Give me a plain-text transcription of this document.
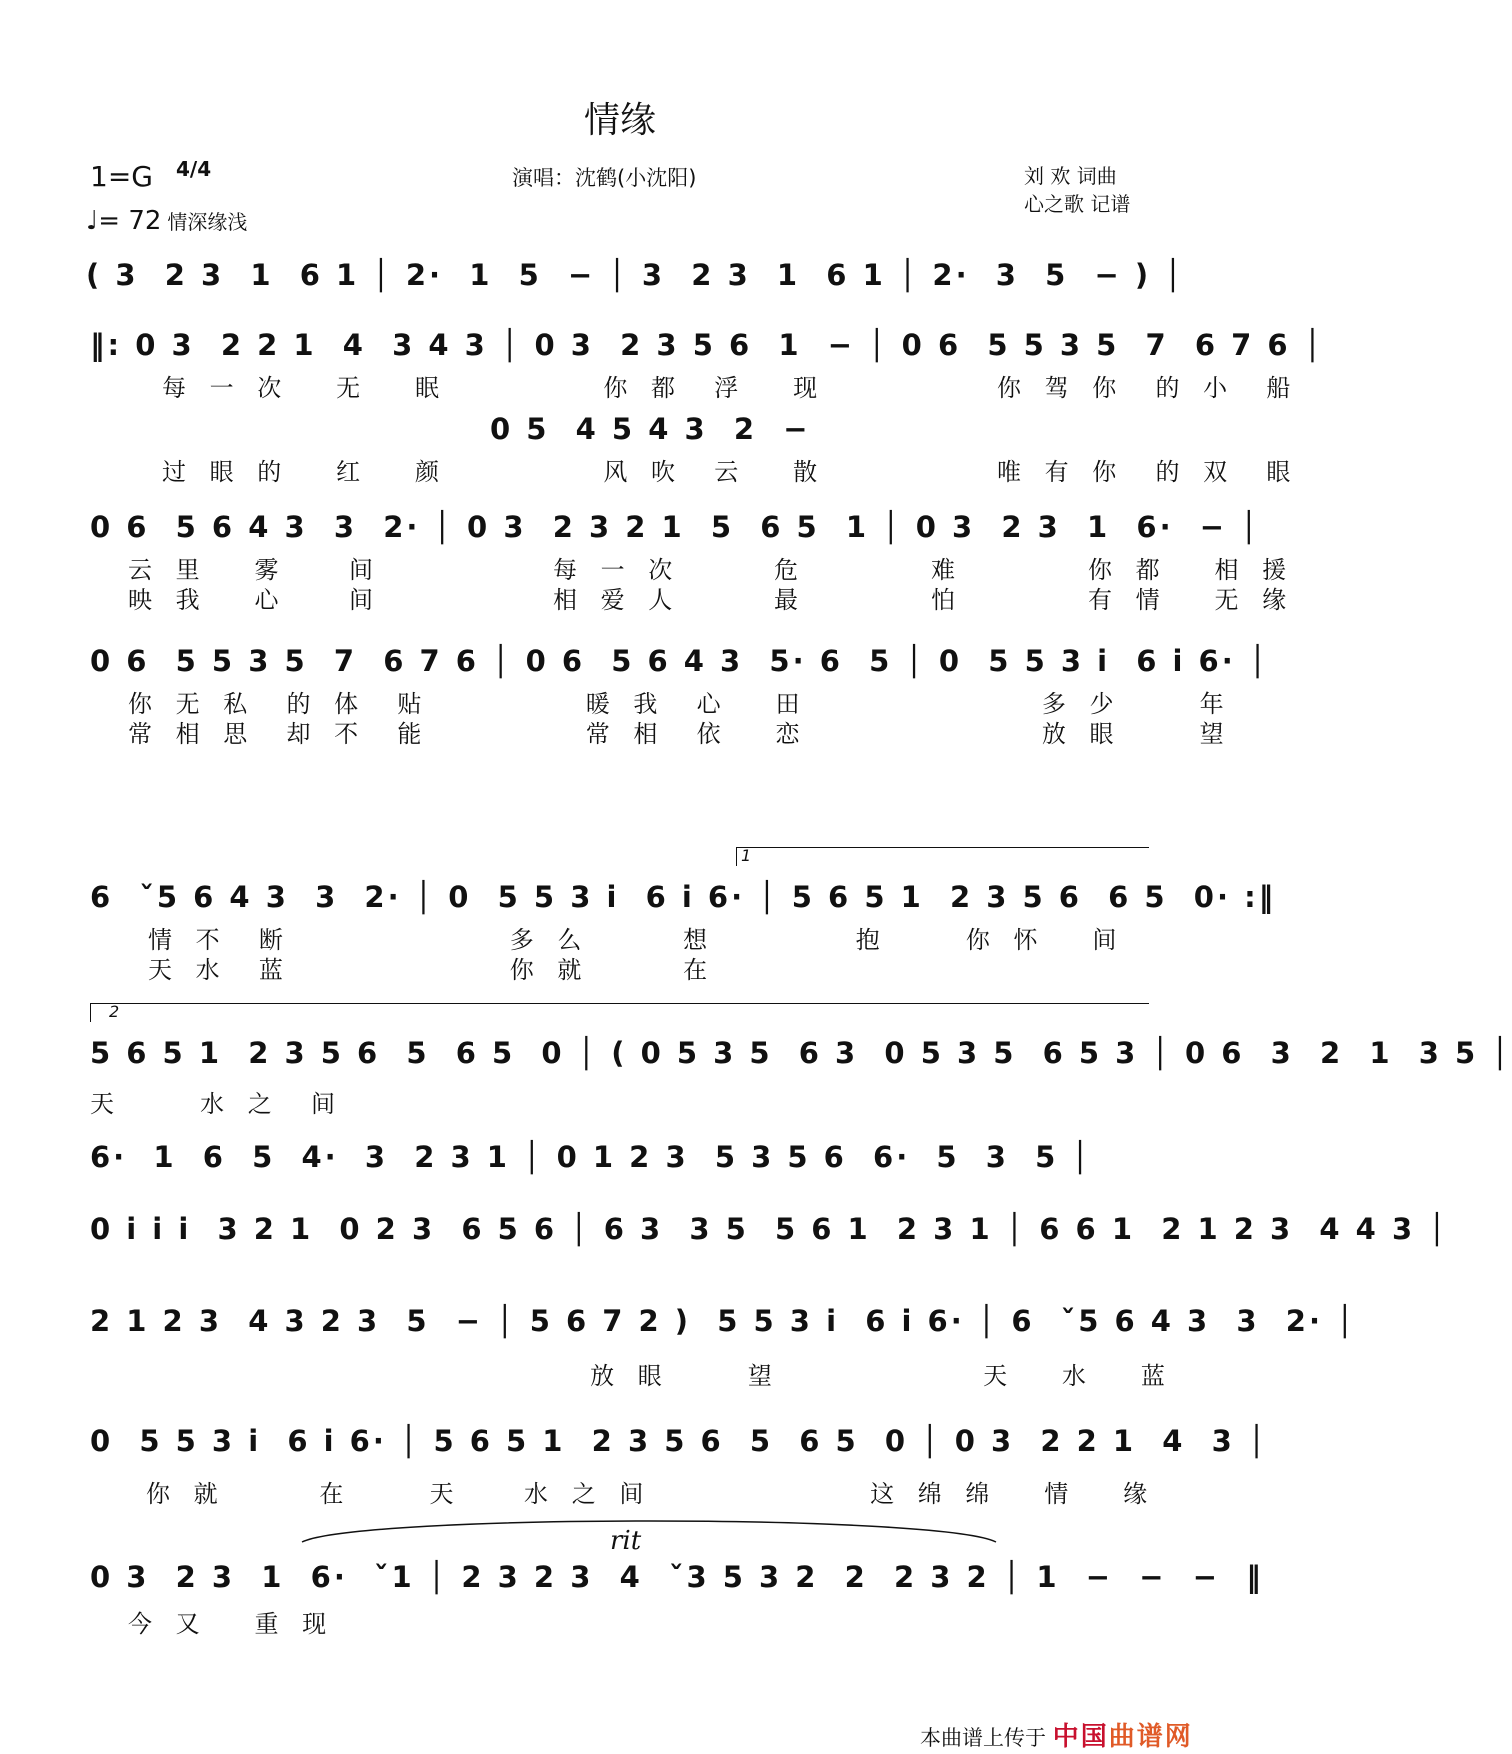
情缘
1=G 4/4
♩= 72 情深缘浅
演唱：沈鹤(小沈阳)	刘 欢 词曲
心之歌 记谱
( 3  2 3  1  6 1 │ 2·  1  5  − │ 3  2 3  1  6 1 │ 2·  3  5  − ) │
‖: 0 3  2 2 1  4  3 4 3 │ 0 3  2 3 5 6  1  − │ 0 6  5 5 3 5  7  6 7 6 │
每 一 次   无   眠          你 都  浮   现           你 驾 你  的 小  船
0 5  4 5 4 3  2  −
过 眼 的   红   颜          风 吹  云   散           唯 有 你  的 双  眼
0 6  5 6 4 3  3  2· │ 0 3  2 3 2 1  5  6 5  1 │ 0 3  2 3  1  6·  − │
云 里   雾    间           每 一 次      危        难        你 都   相 援
映 我   心    间           相 爱 人      最        怕        有 情   无 缘
0 6  5 5 3 5  7  6 7 6 │ 0 6  5 6 4 3  5· 6  5 │ 0  5 5 3 i  6 i 6· │
你 无 私  的 体  贴          暖 我  心   田               多 少     年
常 相 思  却 不  能          常 相  依   恋               放 眼     望
1
6  ˇ5 6 4 3  3  2· │ 0  5 5 3 i  6 i 6· │ 5 6 5 1  2 3 5 6  6 5  0· :‖
情 不  断              多 么      想         抱     你 怀   间
天 水  蓝              你 就      在
2
5 6 5 1  2 3 5 6  5  6 5  0 │ ( 0 5 3 5  6 3  0 5 3 5  6 5 3 │ 0 6  3  2  1  3 5 │
天     水 之  间
6·  1  6  5  4·  3  2 3 1 │ 0 1 2 3  5 3 5 6  6·  5  3  5 │
0 i i i  3 2 1  0 2 3  6 5 6 │ 6 3  3 5  5 6 1  2 3 1 │ 6 6 1  2 1 2 3  4 4 3 │
2 1 2 3  4 3 2 3  5  − │ 5 6 7 2 )  5 5 3 i  6 i 6· │ 6  ˇ5 6 4 3  3  2· │
放 眼     望             天   水   蓝
0  5 5 3 i  6 i 6· │ 5 6 5 1  2 3 5 6  5  6 5  0 │ 0 3  2 2 1  4  3 │
你 就      在     天    水 之 间              这 绵 绵   情   缘
rit
0 3  2 3  1  6·  ˇ1 │ 2 3 2 3  4  ˇ3 5 3 2  2  2 3 2 │ 1  −  −  −  ‖
今 又   重 现
本曲谱上传于 中国曲谱网
